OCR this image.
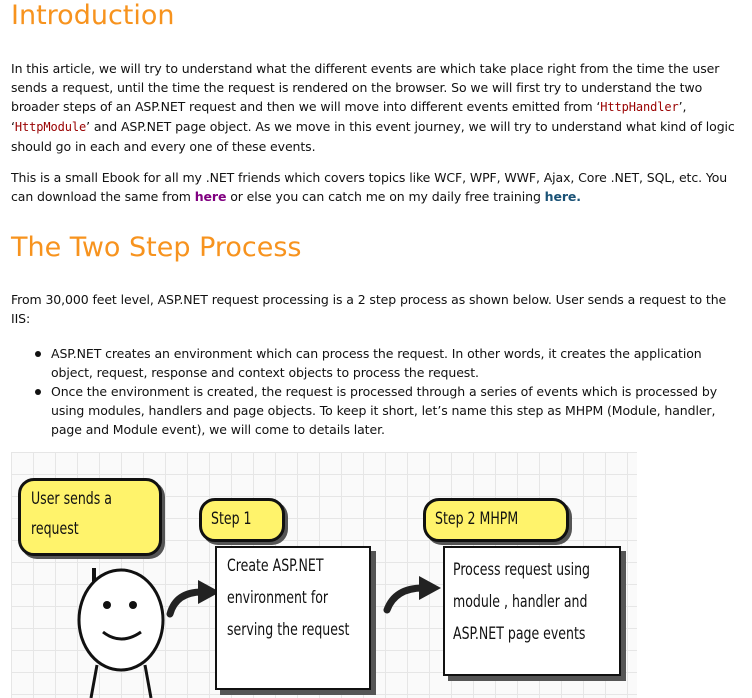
Introduction

In this article, we will try to understand what the different events are which take place right from the time the user sends a request, until the time the request is rendered on the browser. So we will first try to understand the two broader steps of an ASP.NET request and then we will move into different events emitted from ‘HttpHandler’, ‘HttpModule’ and ASP.NET page object. As we move in this event journey, we will try to understand what kind of logic should go in each and every one of these events.

This is a small Ebook for all my .NET friends which covers topics like WCF, WPF, WWF, Ajax, Core .NET, SQL, etc. You can download the same from here or else you can catch me on my daily free training here.

The Two Step Process

From 30,000 feet level, ASP.NET request processing is a 2 step process as shown below. User sends a request to the IIS:

ASP.NET creates an environment which can process the request. In other words, it creates the application object, request, response and context objects to process the request.
Once the environment is created, the request is processed through a series of events which is processed by using modules, handlers and page objects. To keep it short, let’s name this step as MHPM (Module, handler, page and Module event), we will come to details later.
User sends a
request	Step 1
Create ASP.NET
environment for
serving the request
Step 2 MHPM
Process request using
module , handler and
ASP.NET page events
